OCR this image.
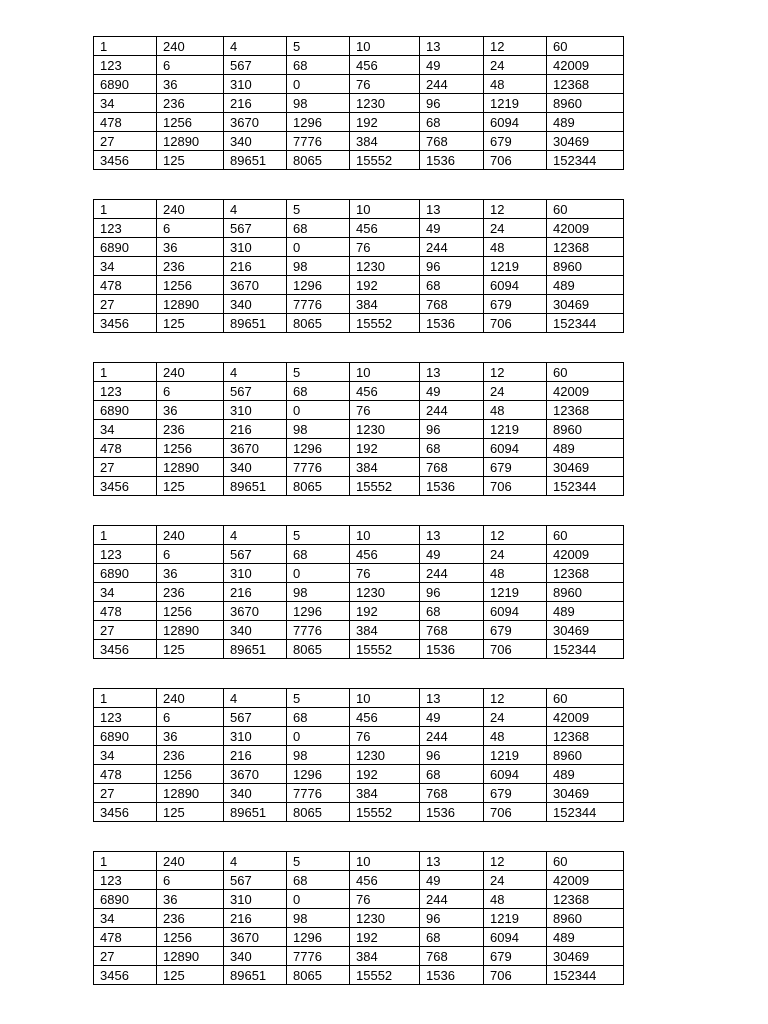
1	240	4	5	10	13	12	60
123	6	567	68	456	49	24	42009
6890	36	310	0	76	244	48	12368
34	236	216	98	1230	96	1219	8960
478	1256	3670	1296	192	68	6094	489
27	12890	340	7776	384	768	679	30469
3456	125	89651	8065	15552	1536	706	152344
1	240	4	5	10	13	12	60
123	6	567	68	456	49	24	42009
6890	36	310	0	76	244	48	12368
34	236	216	98	1230	96	1219	8960
478	1256	3670	1296	192	68	6094	489
27	12890	340	7776	384	768	679	30469
3456	125	89651	8065	15552	1536	706	152344
1	240	4	5	10	13	12	60
123	6	567	68	456	49	24	42009
6890	36	310	0	76	244	48	12368
34	236	216	98	1230	96	1219	8960
478	1256	3670	1296	192	68	6094	489
27	12890	340	7776	384	768	679	30469
3456	125	89651	8065	15552	1536	706	152344
1	240	4	5	10	13	12	60
123	6	567	68	456	49	24	42009
6890	36	310	0	76	244	48	12368
34	236	216	98	1230	96	1219	8960
478	1256	3670	1296	192	68	6094	489
27	12890	340	7776	384	768	679	30469
3456	125	89651	8065	15552	1536	706	152344
1	240	4	5	10	13	12	60
123	6	567	68	456	49	24	42009
6890	36	310	0	76	244	48	12368
34	236	216	98	1230	96	1219	8960
478	1256	3670	1296	192	68	6094	489
27	12890	340	7776	384	768	679	30469
3456	125	89651	8065	15552	1536	706	152344
1	240	4	5	10	13	12	60
123	6	567	68	456	49	24	42009
6890	36	310	0	76	244	48	12368
34	236	216	98	1230	96	1219	8960
478	1256	3670	1296	192	68	6094	489
27	12890	340	7776	384	768	679	30469
3456	125	89651	8065	15552	1536	706	152344
